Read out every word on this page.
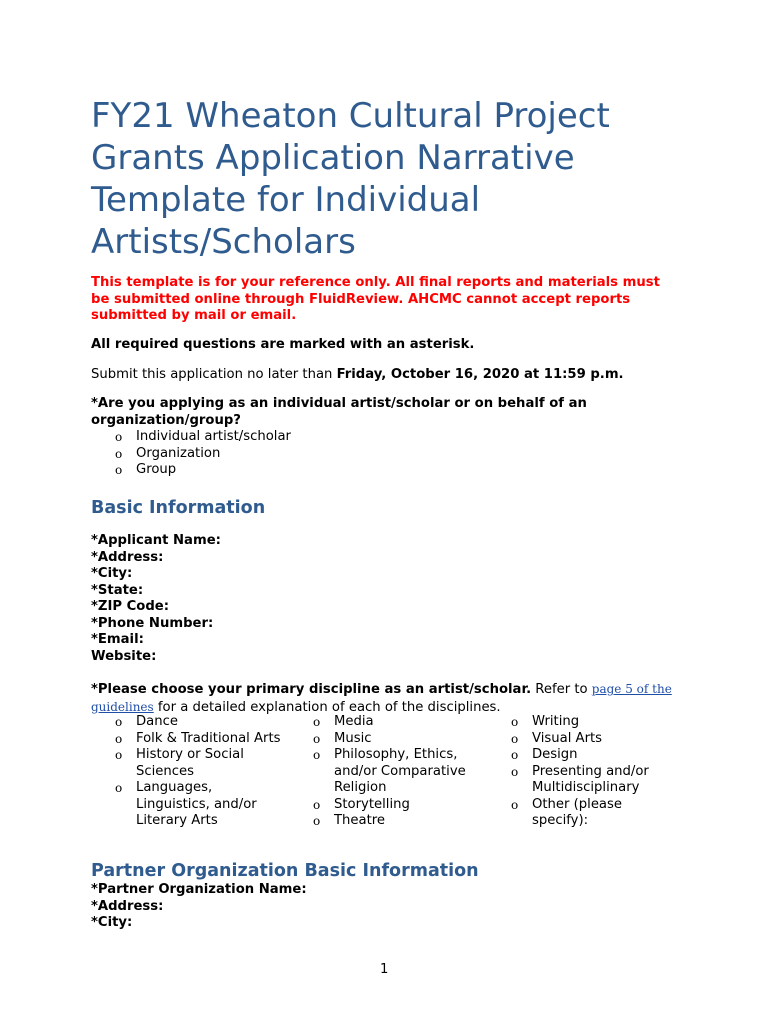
FY21 Wheaton Cultural Project Grants Application Narrative Template for Individual Artists/Scholars
This template is for your reference only. All final reports and materials must be submitted online through FluidReview. AHCMC cannot accept reports submitted by mail or email.
All required questions are marked with an asterisk.
Submit this application no later than Friday, October 16, 2020 at 11:59 p.m.
*Are you applying as an individual artist/scholar or on behalf of an organization/group?
o Individual artist/scholar
o Organization
o Group
Basic Information
*Applicant Name:
*Address:
*City:
*State:
*ZIP Code:
*Phone Number:
*Email:
Website:
*Please choose your primary discipline as an artist/scholar. Refer to page 5 of the guidelines for a detailed explanation of each of the disciplines.
o Dance
o Folk & Traditional Arts
o History or Social Sciences
o Languages, Linguistics, and/or Literary Arts
o Media
o Music
o Philosophy, Ethics, and/or Comparative Religion
o Storytelling
o Theatre
o Writing
o Visual Arts
o Design
o Presenting and/or Multidisciplinary
o Other (please specify):
Partner Organization Basic Information
*Partner Organization Name:
*Address:
*City:
1
